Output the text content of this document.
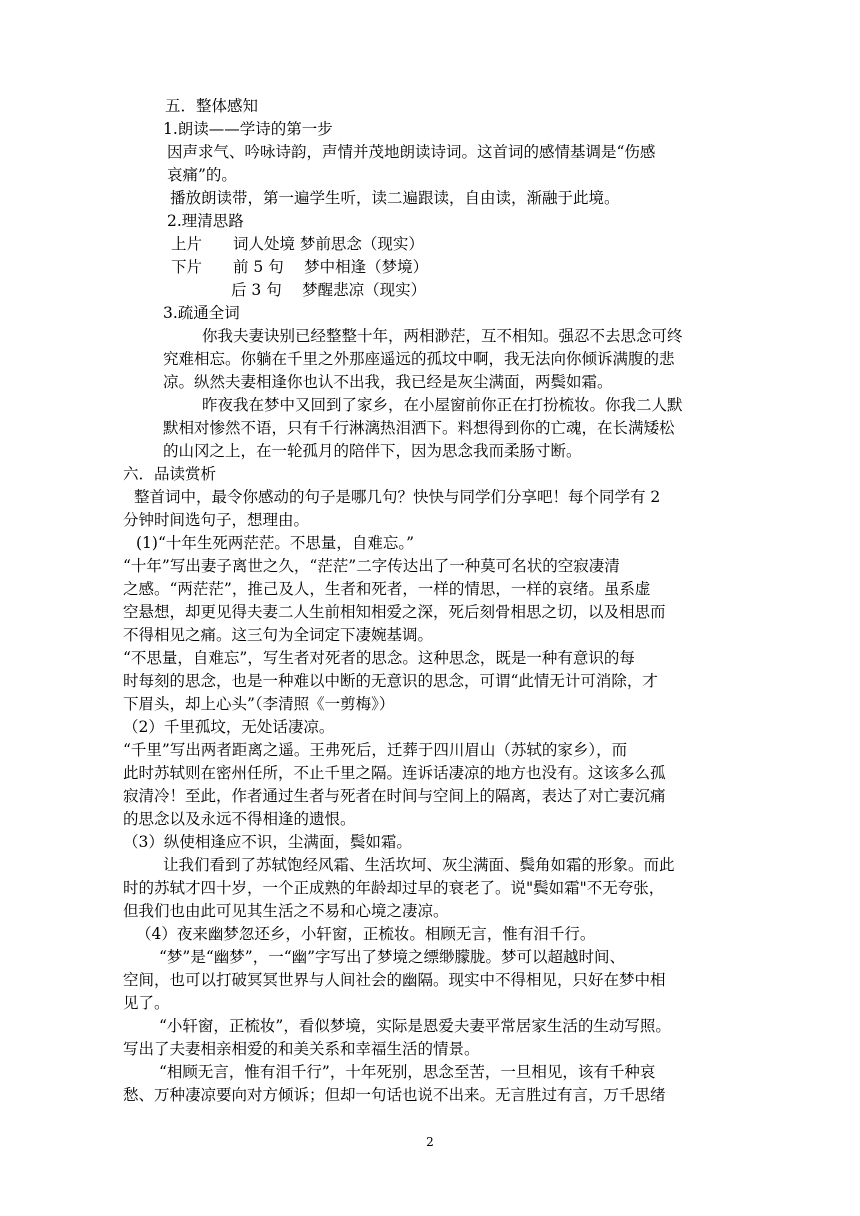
五．整体感知
1.朗读——学诗的第一步
因声求气、吟咏诗韵，声情并茂地朗读诗词。这首词的感情基调是“伤感
哀痛”的。
播放朗读带，第一遍学生听，读二遍跟读，自由读，渐融于此境。
2.理清思路
上片　　词人处境 梦前思念（现实）
下片　　前 5 句　 梦中相逢（梦境）
后 3 句　 梦醒悲凉（现实）
3.疏通全词
你我夫妻诀别已经整整十年，两相渺茫，互不相知。强忍不去思念可终
究难相忘。你躺在千里之外那座遥远的孤坟中啊，我无法向你倾诉满腹的悲
凉。纵然夫妻相逢你也认不出我，我已经是灰尘满面，两鬓如霜。
昨夜我在梦中又回到了家乡，在小屋窗前你正在打扮梳妆。你我二人默
默相对惨然不语，只有千行淋漓热泪洒下。料想得到你的亡魂，在长满矮松
的山冈之上，在一轮孤月的陪伴下，因为思念我而柔肠寸断。
六．品读赏析
整首词中，最令你感动的句子是哪几句？快快与同学们分享吧！每个同学有 2
分钟时间选句子，想理由。
(1)“十年生死两茫茫。不思量，自难忘。”
“十年”写出妻子离世之久，“茫茫”二字传达出了一种莫可名状的空寂凄清
之感。“两茫茫”，推己及人，生者和死者，一样的情思，一样的哀绪。虽系虚
空悬想，却更见得夫妻二人生前相知相爱之深，死后刻骨相思之切，以及相思而
不得相见之痛。这三句为全词定下凄婉基调。
“不思量，自难忘”，写生者对死者的思念。这种思念，既是一种有意识的每
时每刻的思念，也是一种难以中断的无意识的思念，可谓“此情无计可消除，才
下眉头，却上心头”（李清照《一剪梅》）
（2）千里孤坟，无处话凄凉。
“千里”写出两者距离之遥。王弗死后，迁葬于四川眉山（苏轼的家乡），而
此时苏轼则在密州任所，不止千里之隔。连诉话凄凉的地方也没有。这该多么孤
寂清冷！至此，作者通过生者与死者在时间与空间上的隔离，表达了对亡妻沉痛
的思念以及永远不得相逢的遗恨。
（3）纵使相逢应不识，尘满面，鬓如霜。
让我们看到了苏轼饱经风霜、生活坎坷、灰尘满面、鬓角如霜的形象。而此
时的苏轼才四十岁，一个正成熟的年龄却过早的衰老了。说"鬓如霜"不无夸张，
但我们也由此可见其生活之不易和心境之凄凉。
（4）夜来幽梦忽还乡，小轩窗，正梳妆。相顾无言，惟有泪千行。
“梦”是“幽梦”，一“幽”字写出了梦境之缥缈朦胧。梦可以超越时间、
空间，也可以打破冥冥世界与人间社会的幽隔。现实中不得相见，只好在梦中相
见了。
“小轩窗，正梳妆”，看似梦境，实际是恩爱夫妻平常居家生活的生动写照。
写出了夫妻相亲相爱的和美关系和幸福生活的情景。
“相顾无言，惟有泪千行”，十年死别，思念至苦，一旦相见，该有千种哀
愁、万种凄凉要向对方倾诉；但却一句话也说不出来。无言胜过有言，万千思绪
2
